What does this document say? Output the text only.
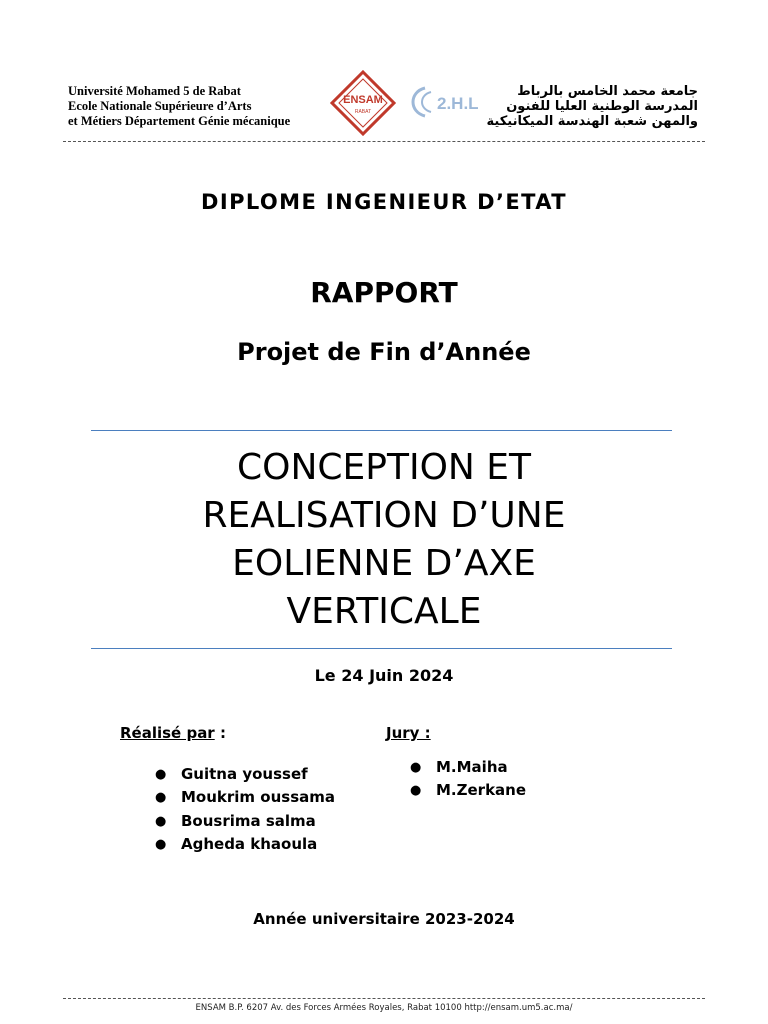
Université Mohamed 5 de Rabat
Ecole Nationale Supérieure d’Arts
et Métiers Département Génie mécanique
ENSAM
RABAT	2.H.L
جامعة محمد الخامس بالرباط
المدرسة الوطنية العليا للفنون
والمهن شعبة الهندسة الميكانيكية
DIPLOME INGENIEUR D’ETAT
RAPPORT
Projet de Fin d’Année
CONCEPTION ET
REALISATION D’UNE
EOLIENNE D’AXE
VERTICALE
Le 24 Juin 2024
Réalisé par :
● Guitna youssef
● Moukrim oussama
● Bousrima salma
● Agheda khaoula
Jury :
● M.Maiha
● M.Zerkane
Année universitaire 2023-2024
ENSAM B.P. 6207 Av. des Forces Armées Royales, Rabat 10100 http://ensam.um5.ac.ma/
